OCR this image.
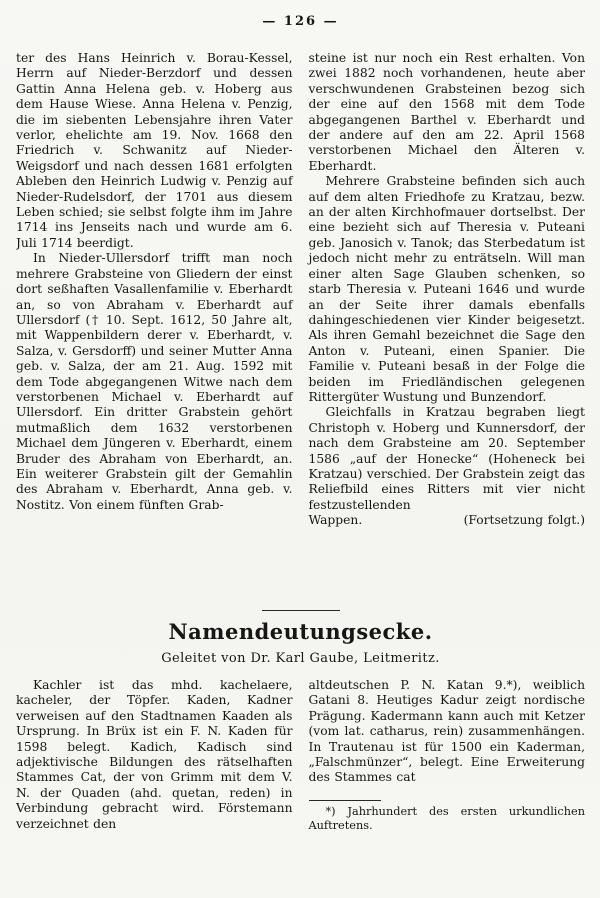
— 126 —

ter des Hans Heinrich v. Borau-Kessel, Herrn auf Nieder-Berzdorf und dessen Gattin Anna Helena geb. v. Hoberg aus dem Hause Wiese. Anna Helena v. Penzig, die im siebenten Lebensjahre ihren Vater verlor, ehelichte am 19. Nov. 1668 den Friedrich v. Schwanitz auf Nieder-Weigsdorf und nach dessen 1681 erfolgten Ableben den Heinrich Ludwig v. Penzig auf Nieder-Rudelsdorf, der 1701 aus diesem Leben schied; sie selbst folgte ihm im Jahre 1714 ins Jenseits nach und wurde am 6. Juli 1714 beerdigt.

In Nieder-Ullersdorf trifft man noch mehrere Grabsteine von Gliedern der einst dort seßhaften Vasallenfamilie v. Eberhardt an, so von Abraham v. Eberhardt auf Ullersdorf († 10. Sept. 1612, 50 Jahre alt, mit Wappenbildern derer v. Eberhardt, v. Salza, v. Gersdorff) und seiner Mutter Anna geb. v. Salza, der am 21. Aug. 1592 mit dem Tode abgegangenen Witwe nach dem verstorbenen Michael v. Eberhardt auf Ullersdorf. Ein dritter Grabstein gehört mutmaßlich dem 1632 verstorbenen Michael dem Jüngeren v. Eberhardt, einem Bruder des Abraham von Eberhardt, an. Ein weiterer Grabstein gilt der Gemahlin des Abraham v. Eberhardt, Anna geb. v. Nostitz. Von einem fünften Grab-

steine ist nur noch ein Rest erhalten. Von zwei 1882 noch vorhandenen, heute aber verschwundenen Grabsteinen bezog sich der eine auf den 1568 mit dem Tode abgegangenen Barthel v. Eberhardt und der andere auf den am 22. April 1568 verstorbenen Michael den Älteren v. Eberhardt.

Mehrere Grabsteine befinden sich auch auf dem alten Friedhofe zu Kratzau, bezw. an der alten Kirchhofmauer dortselbst. Der eine bezieht sich auf Theresia v. Puteani geb. Janosich v. Tanok; das Sterbedatum ist jedoch nicht mehr zu enträtseln. Will man einer alten Sage Glauben schenken, so starb Theresia v. Puteani 1646 und wurde an der Seite ihrer damals ebenfalls dahingeschiedenen vier Kinder beigesetzt. Als ihren Gemahl bezeichnet die Sage den Anton v. Puteani, einen Spanier. Die Familie v. Puteani besaß in der Folge die beiden im Friedländischen gelegenen Rittergüter Wustung und Bunzendorf.

Gleichfalls in Kratzau begraben liegt Christoph v. Hoberg und Kunnersdorf, der nach dem Grabsteine am 20. September 1586 „auf der Honecke“ (Hoheneck bei Kratzau) verschied. Der Grabstein zeigt das Reliefbild eines Ritters mit vier nicht festzustellenden

Wappen.	(Fortsetzung folgt.)
Namendeutungsecke.
Geleitet von Dr. Karl Gaube, Leitmeritz.

Kachler ist das mhd. kachelaere, kacheler, der Töpfer. Kaden, Kadner verweisen auf den Stadtnamen Kaaden als Ursprung. In Brüx ist ein F. N. Kaden für 1598 belegt. Kadich, Kadisch sind adjektivische Bildungen des rätselhaften Stammes Cat, der von Grimm mit dem V. N. der Quaden (ahd. quetan, reden) in Verbindung gebracht wird. Förstemann verzeichnet den

altdeutschen P. N. Katan 9.*), weiblich Gatani 8. Heutiges Kadur zeigt nordische Prägung. Kadermann kann auch mit Ketzer (vom lat. catharus, rein) zusammenhängen. In Trautenau ist für 1500 ein Kaderman, „Falschmünzer“, belegt. Eine Erweiterung des Stammes cat

*) Jahrhundert des ersten urkundlichen Auftretens.
